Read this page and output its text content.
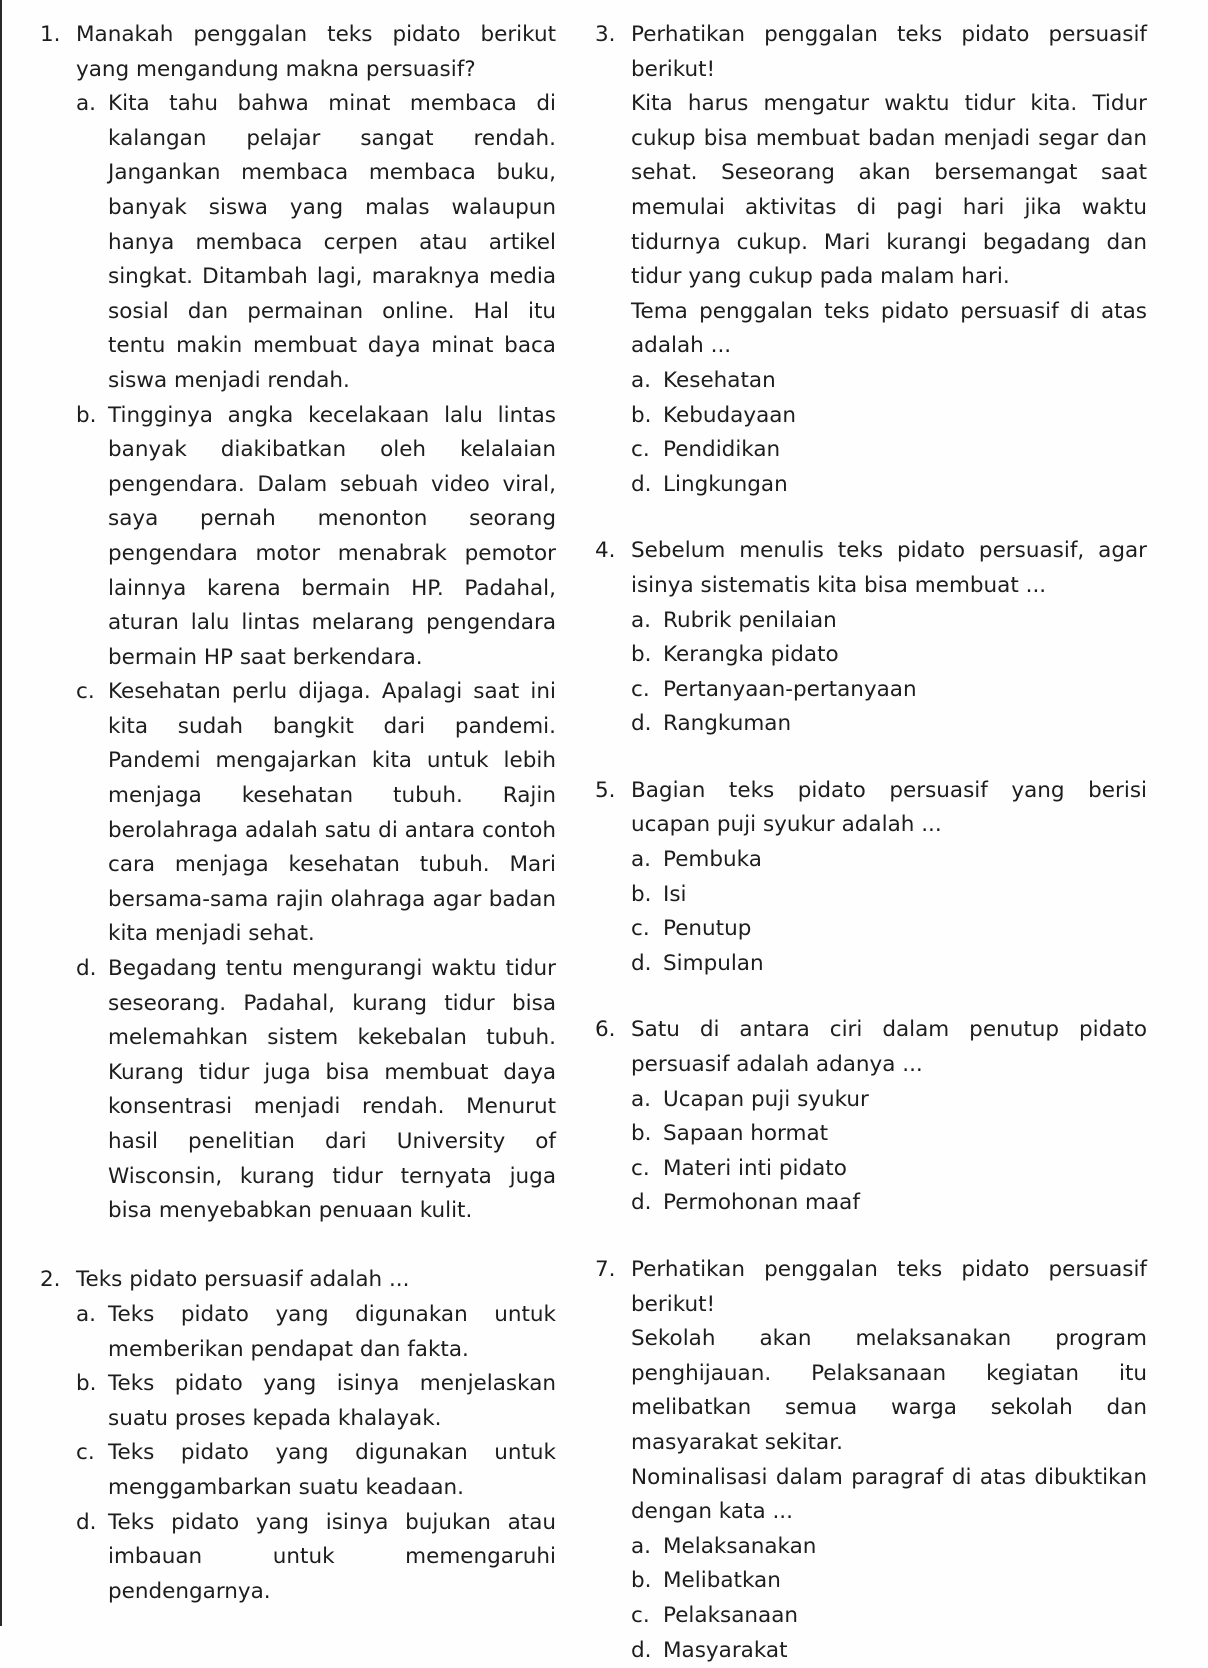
1. Manakah penggalan teks pidato berikut yang mengandung makna persuasif?

a. Kita tahu bahwa minat membaca di kalangan pelajar sangat rendah. Jangankan membaca membaca buku, banyak siswa yang malas walaupun hanya membaca cerpen atau artikel singkat. Ditambah lagi, maraknya media sosial dan permainan online. Hal itu tentu makin membuat daya minat baca siswa menjadi rendah.
b. Tingginya angka kecelakaan lalu lintas banyak diakibatkan oleh kelalaian pengendara. Dalam sebuah video viral, saya pernah menonton seorang pengendara motor menabrak pemotor lainnya karena bermain HP. Padahal, aturan lalu lintas melarang pengendara bermain HP saat berkendara.
c. Kesehatan perlu dijaga. Apalagi saat ini kita sudah bangkit dari pandemi. Pandemi mengajarkan kita untuk lebih menjaga kesehatan tubuh. Rajin berolahraga adalah satu di antara contoh cara menjaga kesehatan tubuh. Mari bersama-sama rajin olahraga agar badan kita menjadi sehat.
d. Begadang tentu mengurangi waktu tidur seseorang. Padahal, kurang tidur bisa melemahkan sistem kekebalan tubuh. Kurang tidur juga bisa membuat daya konsentrasi menjadi rendah. Menurut hasil penelitian dari University of Wisconsin, kurang tidur ternyata juga bisa menyebabkan penuaan kulit.
2. Teks pidato persuasif adalah ...

a. Teks pidato yang digunakan untuk memberikan pendapat dan fakta.
b. Teks pidato yang isinya menjelaskan suatu proses kepada khalayak.
c. Teks pidato yang digunakan untuk menggambarkan suatu keadaan.
d. Teks pidato yang isinya bujukan atau imbauan untuk memengaruhi pendengarnya.
3. Perhatikan penggalan teks pidato persuasif berikut!

Kita harus mengatur waktu tidur kita. Tidur cukup bisa membuat badan menjadi segar dan sehat. Seseorang akan bersemangat saat memulai aktivitas di pagi hari jika waktu tidurnya cukup. Mari kurangi begadang dan tidur yang cukup pada malam hari.

Tema penggalan teks pidato persuasif di atas adalah ...

a. Kesehatan
b. Kebudayaan
c. Pendidikan
d. Lingkungan
4. Sebelum menulis teks pidato persuasif, agar isinya sistematis kita bisa membuat ...

a. Rubrik penilaian
b. Kerangka pidato
c. Pertanyaan-pertanyaan
d. Rangkuman
5. Bagian teks pidato persuasif yang berisi ucapan puji syukur adalah ...

a. Pembuka
b. Isi
c. Penutup
d. Simpulan
6. Satu di antara ciri dalam penutup pidato persuasif adalah adanya ...

a. Ucapan puji syukur
b. Sapaan hormat
c. Materi inti pidato
d. Permohonan maaf
7. Perhatikan penggalan teks pidato persuasif berikut!

Sekolah akan melaksanakan program penghijauan. Pelaksanaan kegiatan itu melibatkan semua warga sekolah dan masyarakat sekitar.

Nominalisasi dalam paragraf di atas dibuktikan dengan kata ...

a. Melaksanakan
b. Melibatkan
c. Pelaksanaan
d. Masyarakat
